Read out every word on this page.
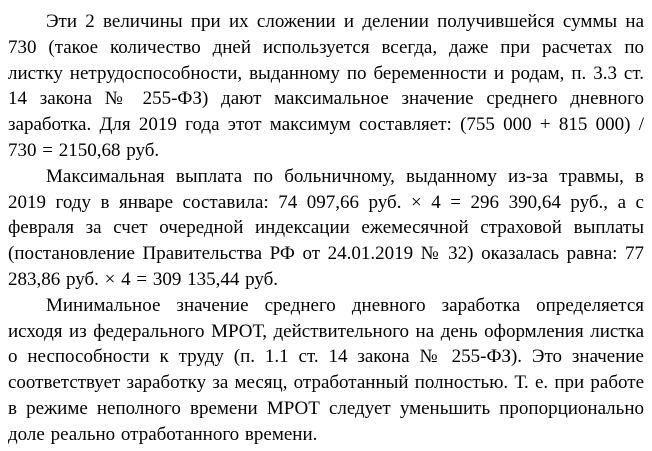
Эти 2 величины при их сложении и делении получившейся суммы на 730 (такое количество дней используется всегда, даже при расчетах по листку нетрудоспособности, выданному по беременности и родам, п. 3.3 ст. 14 закона № 255-ФЗ) дают максимальное значение среднего дневного заработка. Для 2019 года этот максимум составляет: (755 000 + 815 000) / 730 = 2150,68 руб.

Максимальная выплата по больничному, выданному из-за травмы, в 2019 году в январе составила: 74 097,66 руб. × 4 = 296 390,64 руб., а с февраля за счет очередной индексации ежемесячной страховой выплаты (постановление Правительства РФ от 24.01.2019 № 32) оказалась равна: 77 283,86 руб. × 4 = 309 135,44 руб.

Минимальное значение среднего дневного заработка определяется исходя из федерального МРОТ, действительного на день оформления листка о неспособности к труду (п. 1.1 ст. 14 закона № 255-ФЗ). Это значение соответствует заработку за месяц, отработанный полностью. Т. е. при работе в режиме неполного времени МРОТ следует уменьшить пропорционально доле реально отработанного времени.
